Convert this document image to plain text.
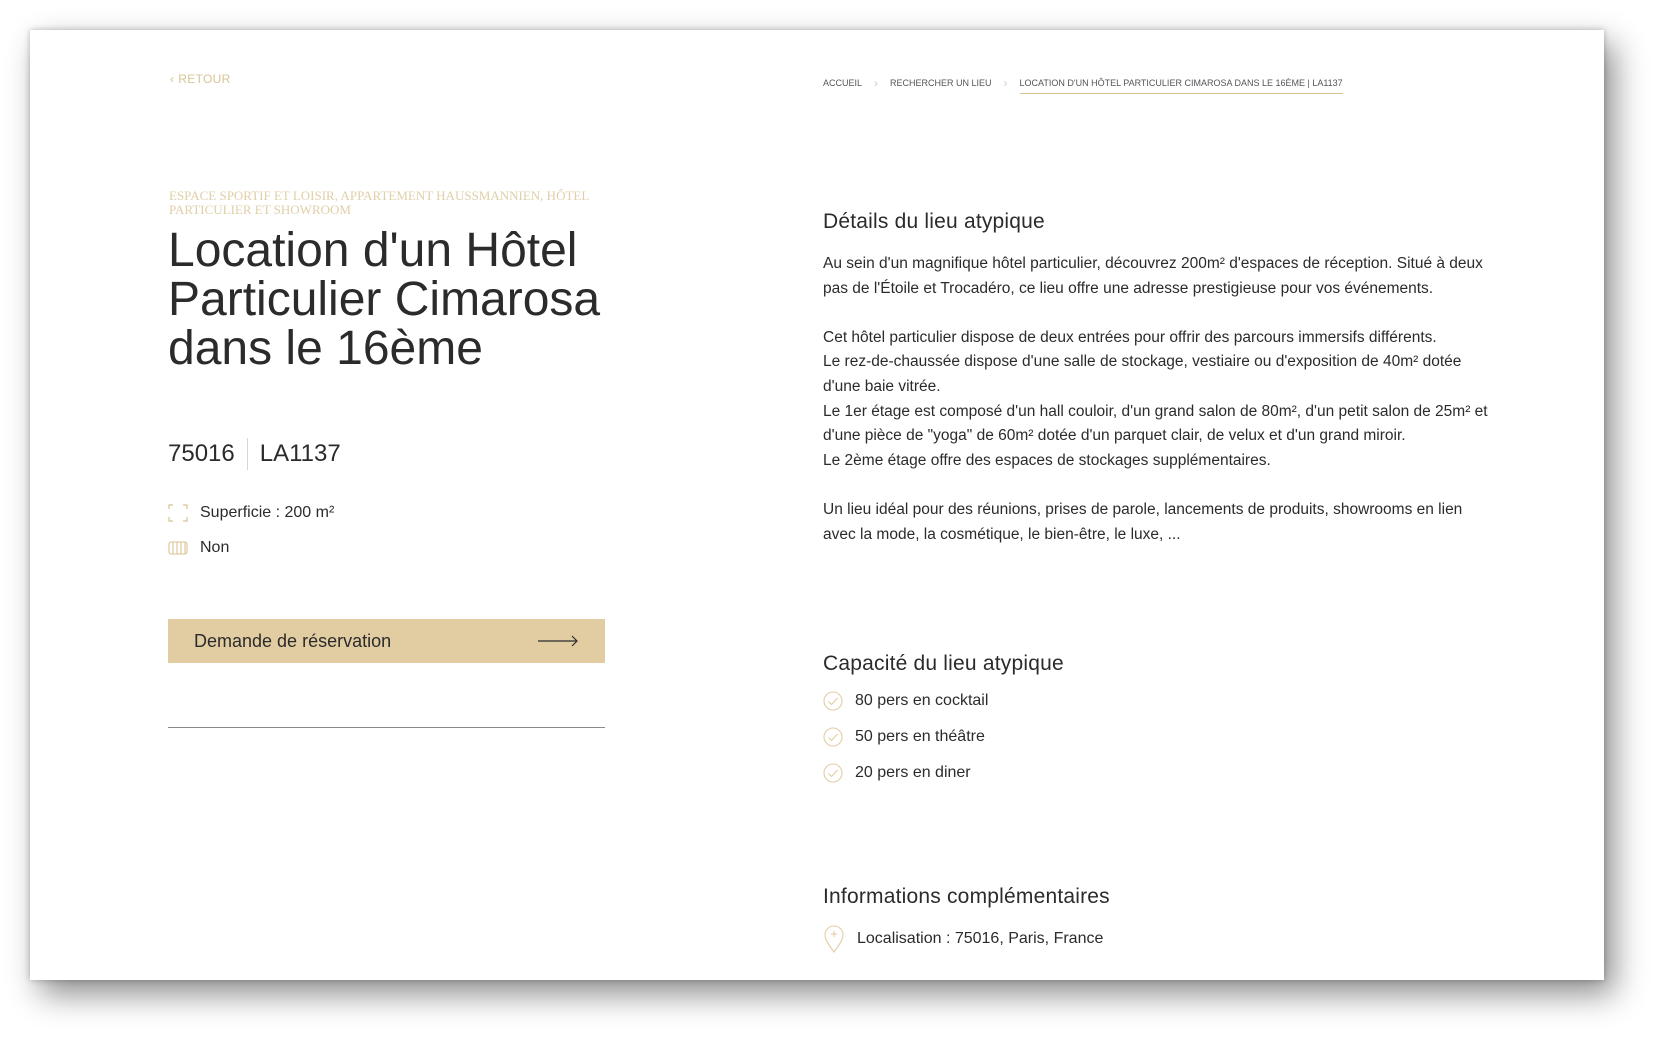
‹ RETOUR
ESPACE SPORTIF ET LOISIR, APPARTEMENT HAUSSMANNIEN, HÔTEL PARTICULIER ET SHOWROOM
Location d'un Hôtel Particulier Cimarosa dans le 16ème
75016 LA1137
Superficie : 200 m²
Non
Demande de réservation
ACCUEIL › RECHERCHER UN LIEU › LOCATION D'UN HÔTEL PARTICULIER CIMAROSA DANS LE 16ÈME | LA1137
Détails du lieu atypique

Au sein d'un magnifique hôtel particulier, découvrez 200m² d'espaces de réception. Situé à deux pas de l'Étoile et Trocadéro, ce lieu offre une adresse prestigieuse pour vos événements.

Cet hôtel particulier dispose de deux entrées pour offrir des parcours immersifs différents.

Le rez-de-chaussée dispose d'une salle de stockage, vestiaire ou d'exposition de 40m² dotée d'une baie vitrée.

Le 1er étage est composé d'un hall couloir, d'un grand salon de 80m², d'un petit salon de 25m² et d'une pièce de "yoga" de 60m² dotée d'un parquet clair, de velux et d'un grand miroir.

Le 2ème étage offre des espaces de stockages supplémentaires.

Un lieu idéal pour des réunions, prises de parole, lancements de produits, showrooms en lien avec la mode, la cosmétique, le bien-être, le luxe, ...

Capacité du lieu atypique
80 pers en cocktail
50 pers en théâtre
20 pers en diner
Informations complémentaires
Localisation : 75016, Paris, France
